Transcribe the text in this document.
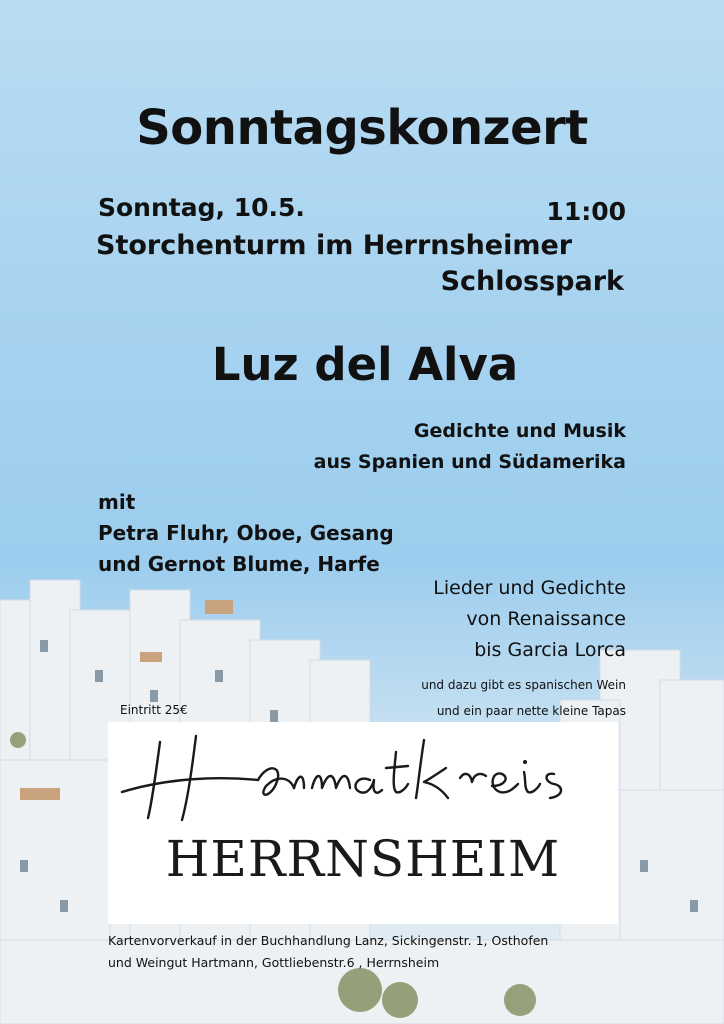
Sonntagskonzert

Sonntag, 10.5.	11:00

Storchenturm im Herrnsheimer

Schlosspark

Luz del Alva

Gedichte und Musik

aus Spanien und Südamerika

mit

Petra Fluhr, Oboe, Gesang

und Gernot Blume, Harfe

Lieder und Gedichte

von Renaissance

bis Garcia Lorca

und dazu gibt es spanischen Wein

und ein paar nette kleine Tapas

Eintritt 25€

HERRNSHEIM

Kartenvorverkauf in der Buchhandlung Lanz, Sickingenstr. 1, Osthofen

und Weingut Hartmann, Gottliebenstr.6 , Herrnsheim
